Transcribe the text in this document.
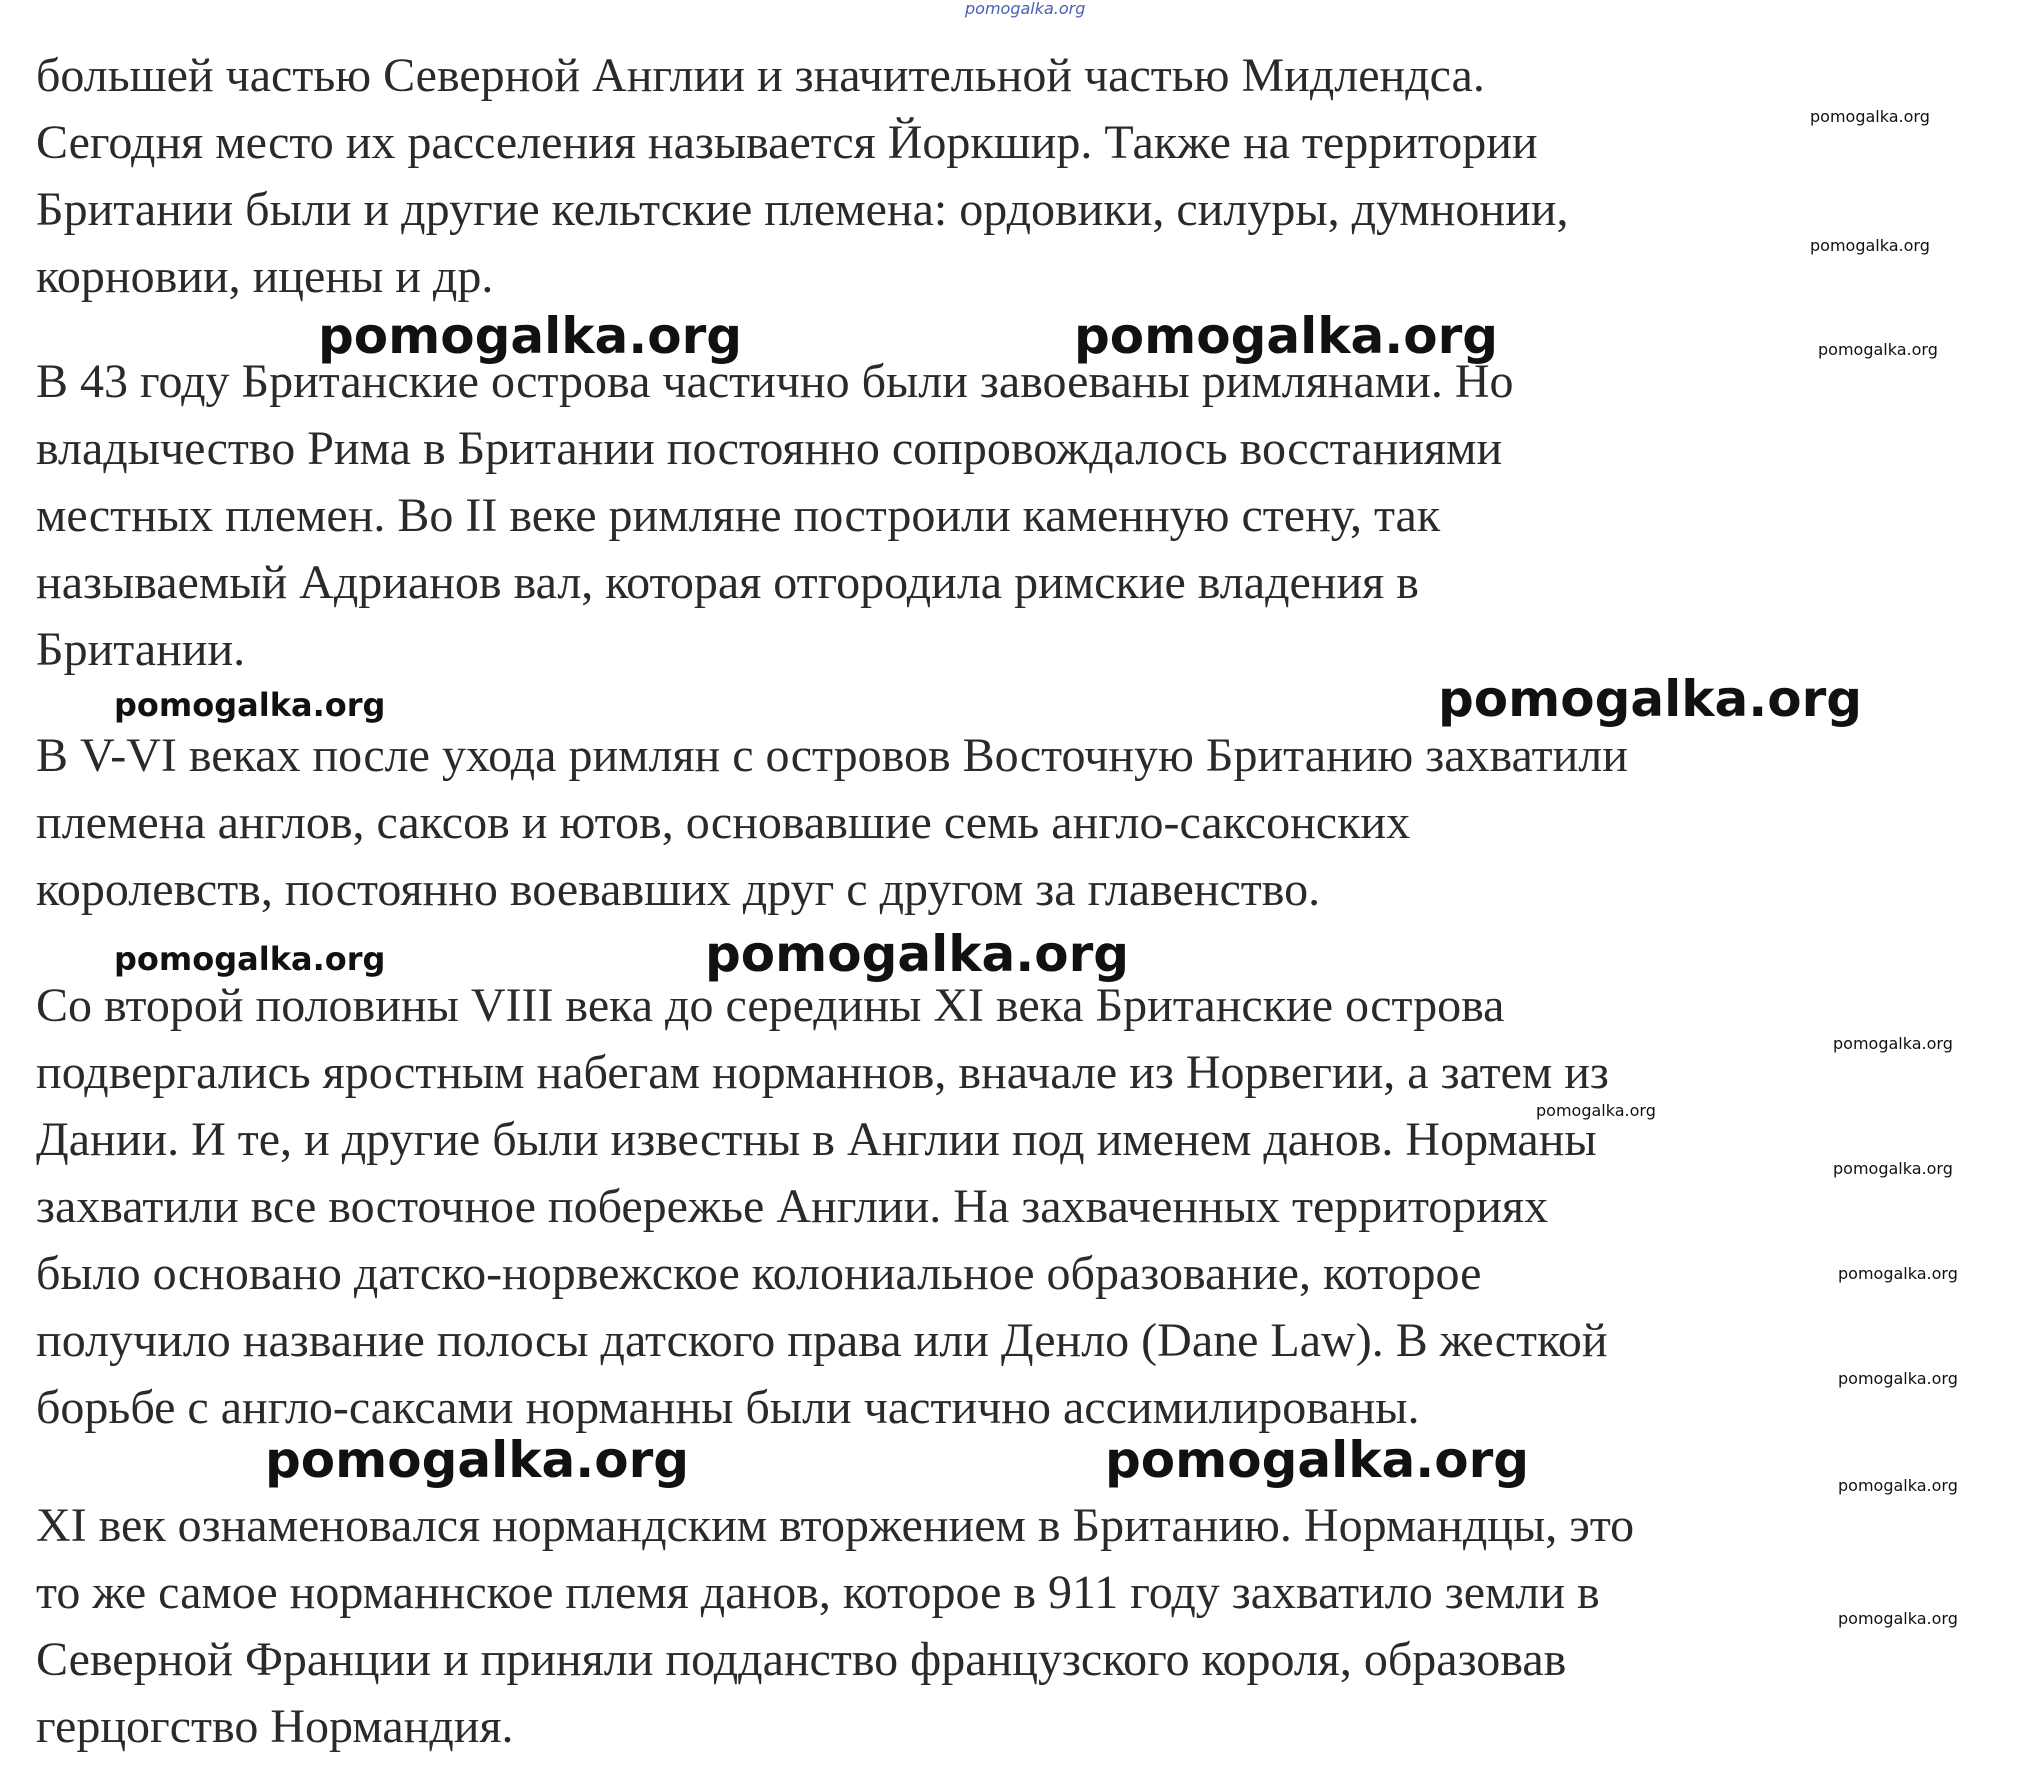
pomogalka.org

большей частью Северной Англии и значительной частью Мидлендса.
Сегодня место их расселения называется Йоркшир. Также на территории
Британии были и другие кельтские племена: ордовики, силуры, думнонии,
корновии, ицены и др.

В 43 году Британские острова частично были завоеваны римлянами. Но
владычество Рима в Британии постоянно сопровождалось восстаниями
местных племен. Во II веке римляне построили каменную стену, так
называемый Адрианов вал, которая отгородила римские владения в
Британии.

В V-VI веках после ухода римлян с островов Восточную Британию захватили
племена англов, саксов и ютов, основавшие семь англо-саксонских
королевств, постоянно воевавших друг с другом за главенство.

Со второй половины VIII века до середины XI века Британские острова
подвергались яростным набегам норманнов, вначале из Норвегии, а затем из
Дании. И те, и другие были известны в Англии под именем данов. Норманы
захватили все восточное побережье Англии. На захваченных территориях
было основано датско-норвежское колониальное образование, которое
получило название полосы датского права или Денло (Dane Law). В жесткой
борьбе с англо-саксами норманны были частично ассимилированы.

XI век ознаменовался нормандским вторжением в Британию. Нормандцы, это
то же самое норманнское племя данов, которое в 911 году захватило земли в
Северной Франции и приняли подданство французского короля, образовав
герцогство Нормандия.

pomogalka.org	pomogalka.org
pomogalka.org
pomogalka.org
pomogalka.org	pomogalka.org
pomogalka.org
pomogalka.org
pomogalka.org
pomogalka.org
pomogalka.org
pomogalka.org
pomogalka.org
pomogalka.org
pomogalka.org
pomogalka.org
pomogalka.org
pomogalka.org
